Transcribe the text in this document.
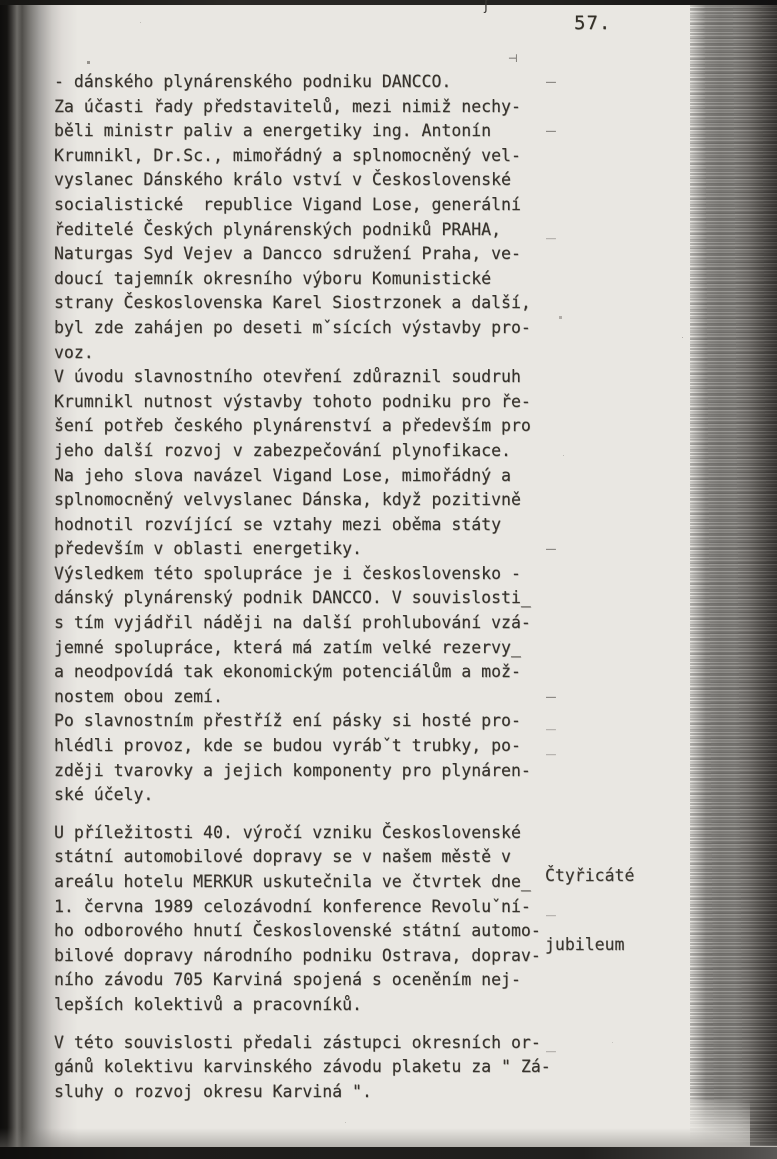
ʃ
⊣
57.
- dánského plynárenského podniku DANCCO.	—
Za účasti řady představitelů, mezi nimiž nechy-
běli ministr paliv a energetiky ing. Antonín	—
Krumnikl, Dr.Sc., mimořádný a splnomocněný vel-
vyslanec Dánského králo vství v Československé
socialistické  republice Vigand Lose, generální
ředitelé Českých plynárenských podniků PRAHA,	_
Naturgas Syd Vejev a Dancco sdružení Praha, ve-
doucí tajemník okresního výboru Komunistické
strany Československa Karel Siostrzonek a další,
byl zde zahájen po deseti mˇsících výstavby pro-
voz.
V úvodu slavnostního otevření zdůraznil soudruh
Krumnikl nutnost výstavby tohoto podniku pro ře-
šení potřeb českého plynárenství a především pro
jeho další rozvoj v zabezpečování plynofikace.
Na jeho slova navázel Vigand Lose, mimořádný a
splnomocněný velvyslanec Dánska, když pozitivně
hodnotil rozvíjící se vztahy mezi oběma státy
především v oblasti energetiky.	—
Výsledkem této spolupráce je i československo -
dánský plynárenský podnik DANCCO. V souvislosti_
s tím vyjádřil náději na další prohlubování vzá-
jemné spolupráce, která má zatím velké rezervy_
a neodpovídá tak ekonomickým potenciálům a mož-
nostem obou zemí.	—
Po slavnostním přestříž ení pásky si hosté pro- _
hlédli provoz, kde se budou vyrábˇt trubky, po- _
zději tvarovky a jejich komponenty pro plynáren-
ské účely.
U příležitosti 40. výročí vzniku Československé
státní automobilové dopravy se v našem městě v
areálu hotelu MERKUR uskutečnila ve čtvrtek dne_
1. června 1989 celozávodní konference Revoluˇní- _
ho odborového hnutí Československé státní automo-
bilové dopravy národního podniku Ostrava, doprav-
ního závodu 705 Karviná spojená s oceněním nej-
lepších kolektivů a pracovníků.
V této souvislosti předali zástupci okresních or- _
gánů kolektivu karvinského závodu plaketu za " Zá-
sluhy o rozvoj okresu Karviná ".

Čtyřicáté

jubileum
